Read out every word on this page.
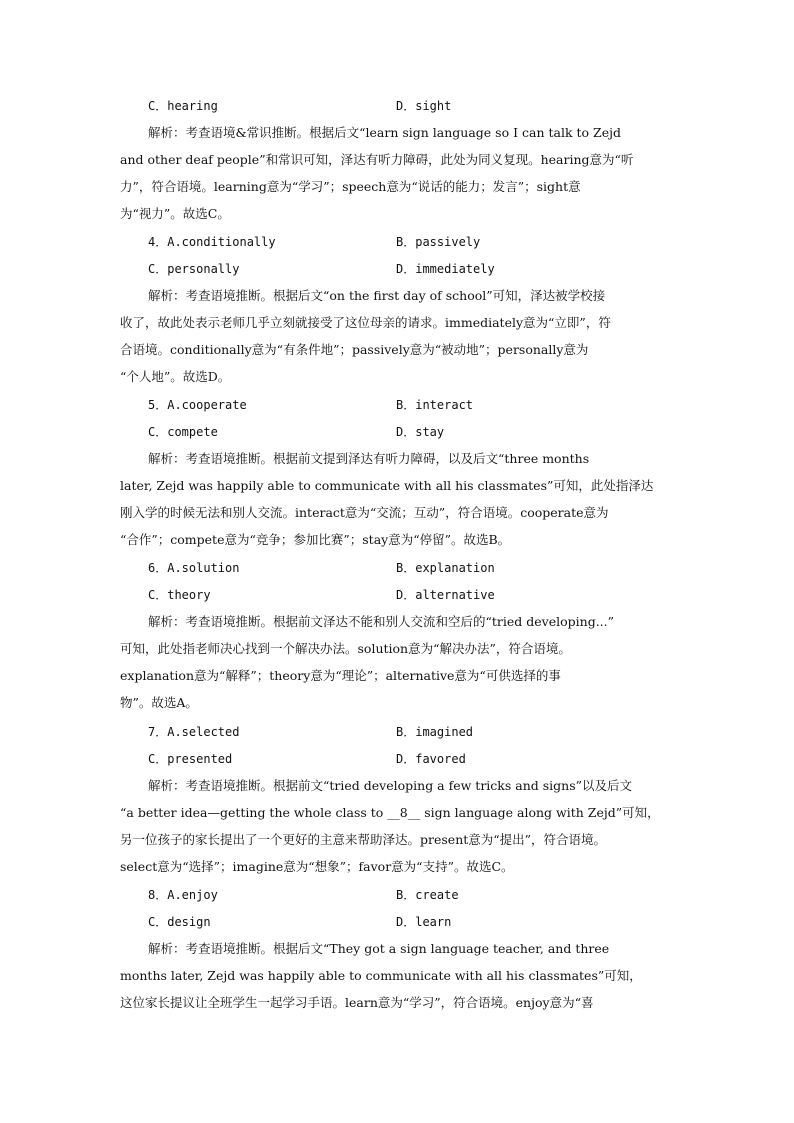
C．hearing	D．sight
解析：考查语境&常识推断。根据后文“learn sign language so I can talk to Zejd
and other deaf people”和常识可知，泽达有听力障碍，此处为同义复现。hearing意为“听
力”，符合语境。learning意为“学习”；speech意为“说话的能力；发言”；sight意
为“视力”。故选C。
4．A.conditionally	B．passively
C．personally	D．immediately
解析：考查语境推断。根据后文“on the first day of school”可知，泽达被学校接
收了，故此处表示老师几乎立刻就接受了这位母亲的请求。immediately意为“立即”，符
合语境。conditionally意为“有条件地”；passively意为“被动地”；personally意为
“个人地”。故选D。
5．A.cooperate	B．interact
C．compete	D．stay
解析：考查语境推断。根据前文提到泽达有听力障碍，以及后文“three months
later, Zejd was happily able to communicate with all his classmates”可知，此处指泽达
刚入学的时候无法和别人交流。interact意为“交流；互动”，符合语境。cooperate意为
“合作”；compete意为“竞争；参加比赛”；stay意为“停留”。故选B。
6．A.solution	B．explanation
C．theory	D．alternative
解析：考查语境推断。根据前文泽达不能和别人交流和空后的“tried developing...”
可知，此处指老师决心找到一个解决办法。solution意为“解决办法”，符合语境。
explanation意为“解释”；theory意为“理论”；alternative意为“可供选择的事
物”。故选A。
7．A.selected	B．imagined
C．presented	D．favored
解析：考查语境推断。根据前文“tried developing a few tricks and signs”以及后文
“a better idea—getting the whole class to __8__ sign language along with Zejd”可知，
另一位孩子的家长提出了一个更好的主意来帮助泽达。present意为“提出”，符合语境。
select意为“选择”；imagine意为“想象”；favor意为“支持”。故选C。
8．A.enjoy	B．create
C．design	D．learn
解析：考查语境推断。根据后文“They got a sign language teacher, and three
months later, Zejd was happily able to communicate with all his classmates”可知，
这位家长提议让全班学生一起学习手语。learn意为“学习”，符合语境。enjoy意为“喜
